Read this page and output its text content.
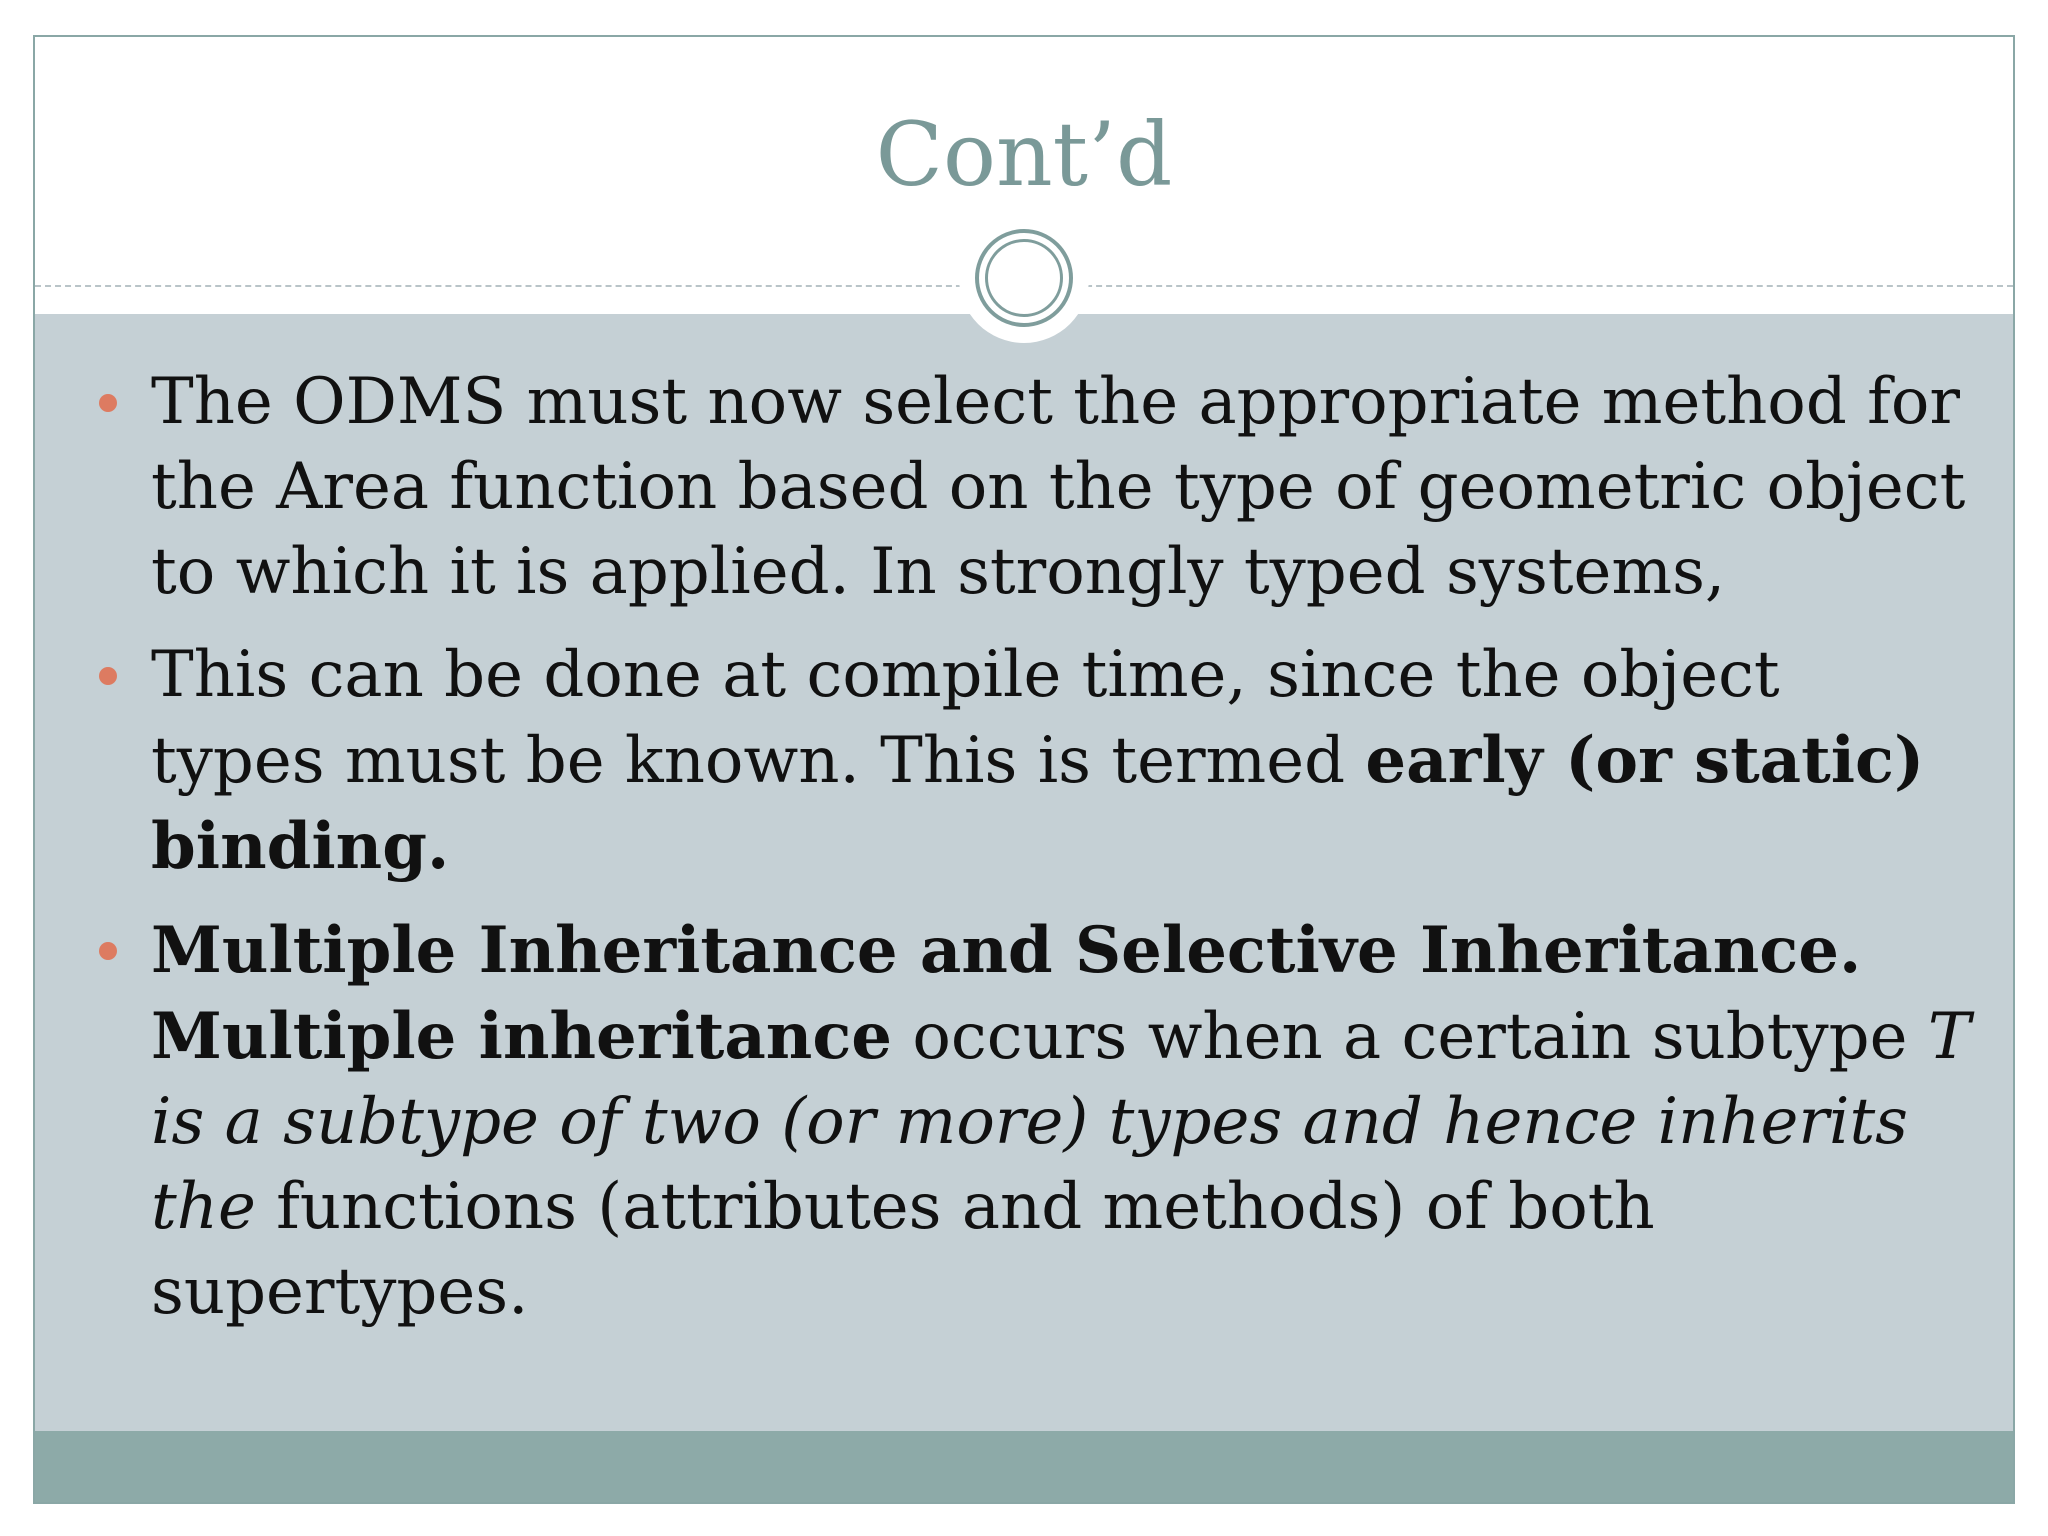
Cont’d
The ODMS must now select the appropriate method for the Area function based on the type of geometric object to which it is applied. In strongly typed systems,
This can be done at compile time, since the object types must be known. This is termed early (or static) binding.
Multiple Inheritance and Selective Inheritance. Multiple inheritance occurs when a certain subtype T is a subtype of two (or more) types and hence inherits the functions (attributes and methods) of both supertypes.
